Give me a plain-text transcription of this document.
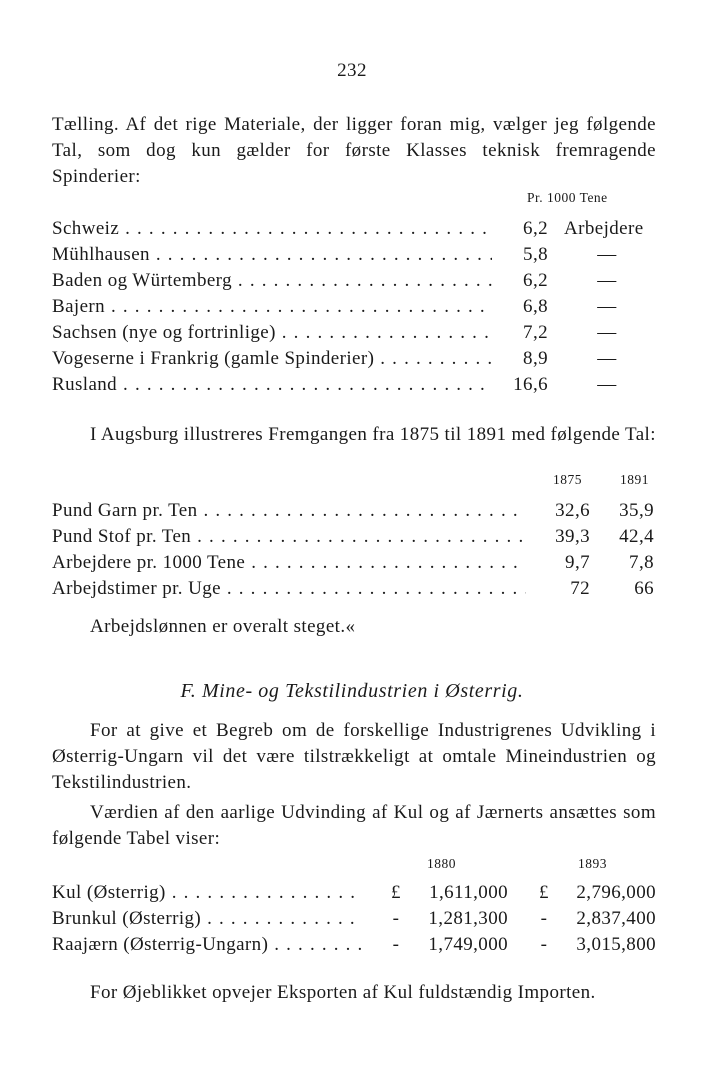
232
Tælling. Af det rige Materiale, der ligger foran mig, vælger jeg følgende Tal, som dog kun gælder for første Klasses teknisk fremragende Spinderier:
Pr. 1000 Tene
Schweiz . . .	6,2 Arbejdere
Mühlhausen . . .	5,8	—
Baden og Würtemberg . . .	6,2	—
Bajern . . .	6,8	—
Sachsen (nye og fortrinlige) . . .	7,2	—
Vogeserne i Frankrig (gamle Spinderier) . . .	8,9	—
Rusland . . .	16,6	—
I Augsburg illustreres Fremgangen fra 1875 til 1891 med følgende Tal:
1875	1891
Pund Garn pr. Ten . . .	32,6	35,9
Pund Stof pr. Ten . . .	39,3	42,4
Arbejdere pr. 1000 Tene . . .	9,7	7,8
Arbejdstimer pr. Uge . . .	72	66
Arbejdslønnen er overalt steget.«
F. Mine- og Tekstilindustrien i Østerrig.
For at give et Begreb om de forskellige Industrigrenes Udvikling i Østerrig-Ungarn vil det være tilstrækkeligt at omtale Mineindustrien og Tekstilindustrien.
Værdien af den aarlige Udvinding af Kul og af Jærnerts ansættes som følgende Tabel viser:
1880	1893
Kul (Østerrig) . . .	£	1,611,000	£	2,796,000
Brunkul (Østerrig) . . .	-	1,281,300	-	2,837,400
Raajærn (Østerrig-Ungarn) . . .	-	1,749,000	-	3,015,800
For Øjeblikket opvejer Eksporten af Kul fuldstændig Importen.
